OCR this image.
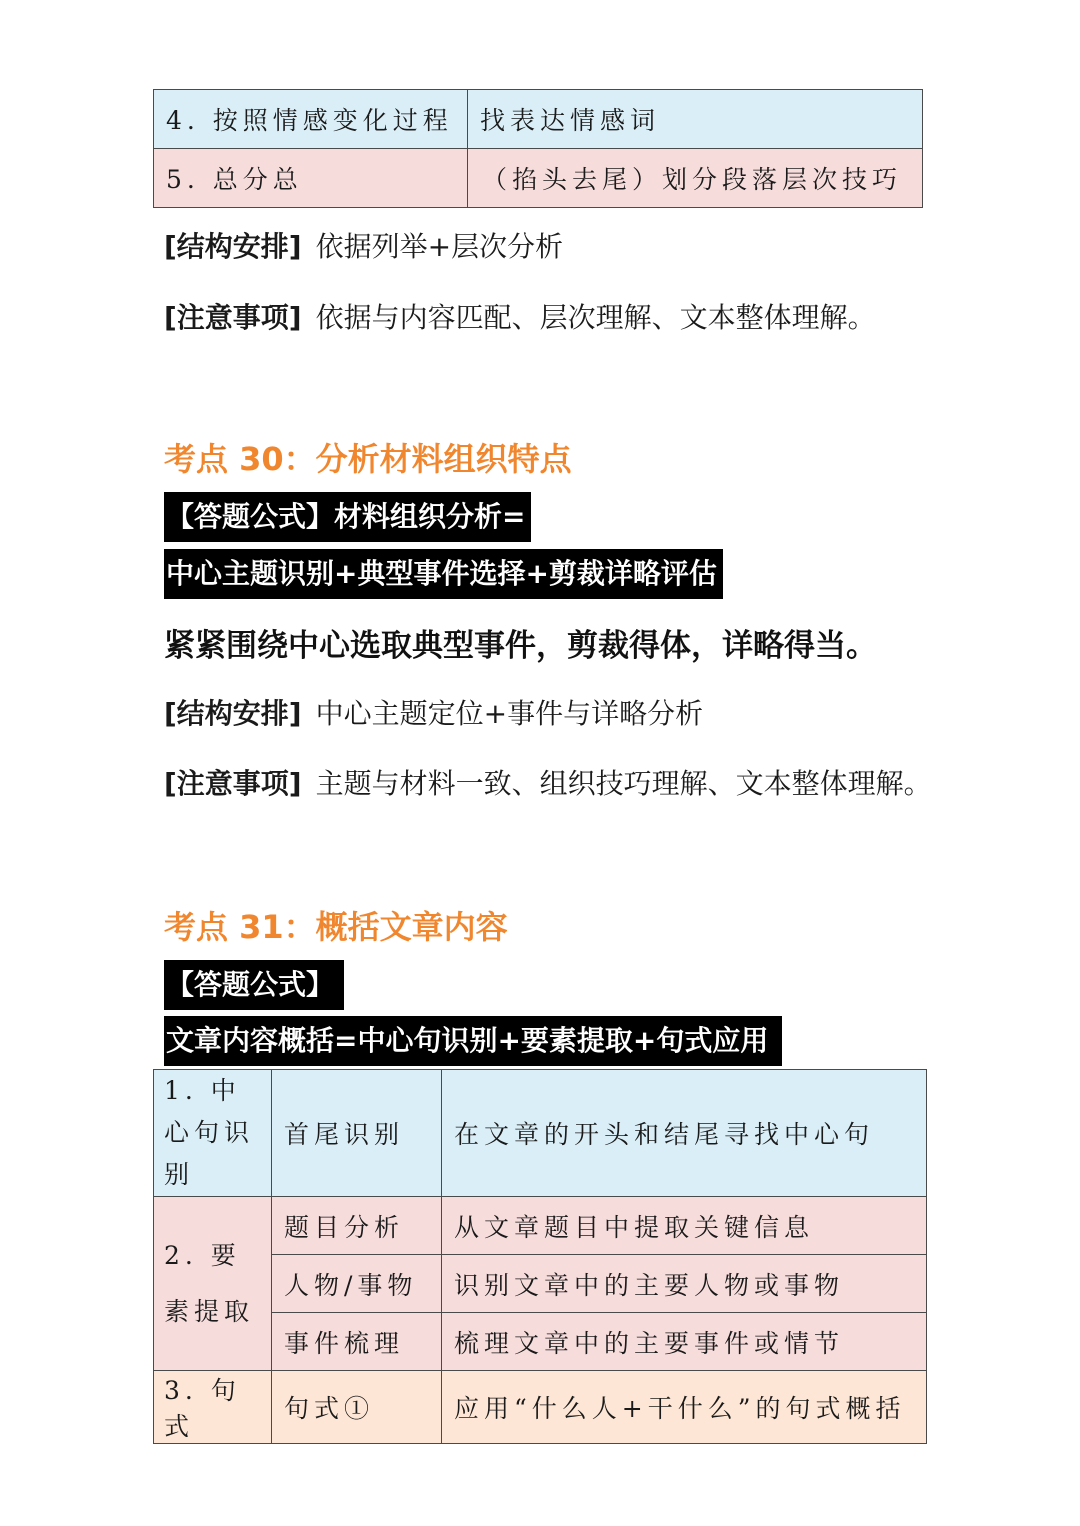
4. 按照情感变化过程	找表达情感词
5. 总分总	（掐头去尾）划分段落层次技巧
[结构安排] 依据列举+层次分析
[注意事项] 依据与内容匹配、层次理解、文本整体理解。
考点 30：分析材料组织特点
【答题公式】材料组织分析=
中心主题识别+典型事件选择+剪裁详略评估
紧紧围绕中心选取典型事件，剪裁得体，详略得当。
[结构安排] 中心主题定位+事件与详略分析
[注意事项] 主题与材料一致、组织技巧理解、文本整体理解。
考点 31：概括文章内容
【答题公式】
文章内容概括=中心句识别+要素提取+句式应用
1. 中心句识别	首尾识别	在文章的开头和结尾寻找中心句
2. 要素提取	题目分析	从文章题目中提取关键信息
	人物/事物	识别文章中的主要人物或事物
	事件梳理	梳理文章中的主要事件或情节
3. 句式	句式①	应用“什么人+干什么”的句式概括
